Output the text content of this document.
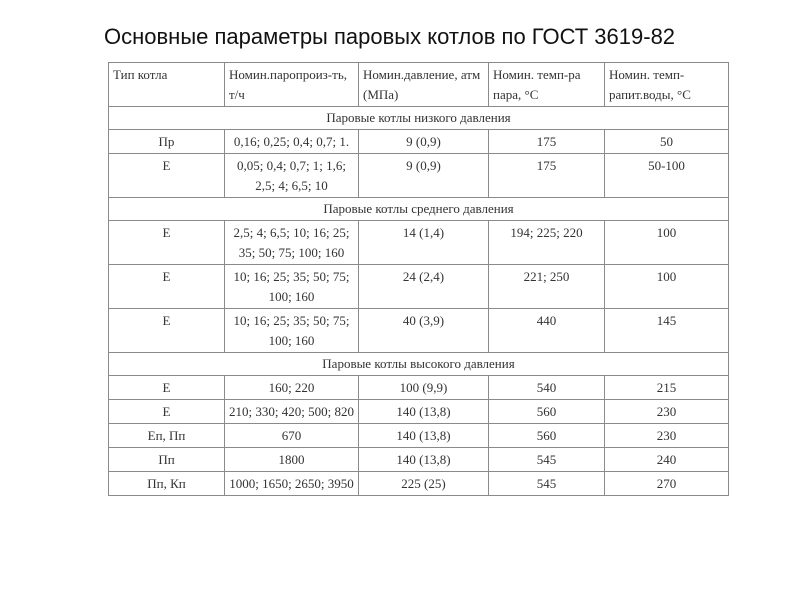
Основные параметры паровых котлов по ГОСТ 3619-82
Тип котла	Номин.паропроиз-ть, т/ч	Номин.давление, атм (МПа)	Номин. темп-ра пара, °С	Номин. темп-рапит.воды, °С
Паровые котлы низкого давления				
Пр	0,16; 0,25; 0,4; 0,7; 1.	9 (0,9)	175	50
Е	0,05; 0,4; 0,7; 1; 1,6; 2,5; 4; 6,5; 10	9 (0,9)	175	50-100
Паровые котлы среднего давления				
Е	2,5; 4; 6,5; 10; 16; 25; 35; 50; 75; 100; 160	14 (1,4)	194; 225; 220	100
Е	10; 16; 25; 35; 50; 75; 100; 160	24 (2,4)	221; 250	100
Е	10; 16; 25; 35; 50; 75; 100; 160	40 (3,9)	440	145
Паровые котлы высокого давления				
Е	160; 220	100 (9,9)	540	215
Е	210; 330; 420; 500; 820	140 (13,8)	560	230
Еп, Пп	670	140 (13,8)	560	230
Пп	1800	140 (13,8)	545	240
Пп, Кп	1000; 1650; 2650; 3950	225 (25)	545	270
